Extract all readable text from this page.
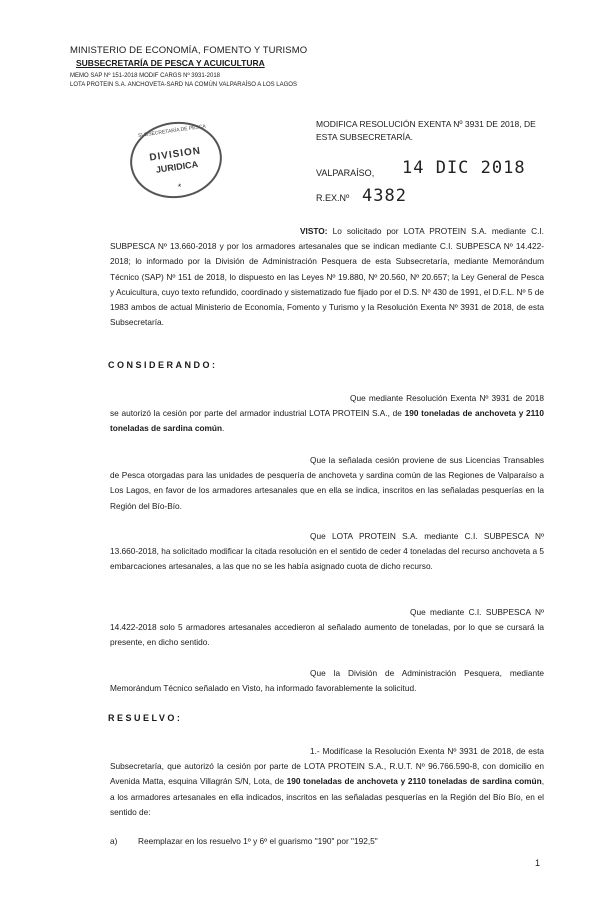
MINISTERIO DE ECONOMÍA, FOMENTO Y TURISMO
SUBSECRETARÍA DE PESCA Y ACUICULTURA
MEMO SAP Nº 151-2018 MODIF CARGS Nº 3931-2018
LOTA PROTEIN S.A. ANCHOVETA-SARD NA COMÚN VALPARAÍSO A LOS LAGOS
SUBSECRETARÍA DE PESCA
DIVISION
JURIDICA
*
MODIFICA RESOLUCIÓN EXENTA Nº 3931 DE 2018, DE ESTA SUBSECRETARÍA.
VALPARAÍSO, 14 DIC 2018
R.EX.Nº 4382
VISTO: Lo solicitado por LOTA PROTEIN S.A. mediante C.I. SUBPESCA Nº 13.660-2018 y por los armadores artesanales que se indican mediante C.I. SUBPESCA Nº 14.422-2018; lo informado por la División de Administración Pesquera de esta Subsecretaría, mediante Memorándum Técnico (SAP) Nº 151 de 2018, lo dispuesto en las Leyes Nº 19.880, Nº 20.560, Nº 20.657; la Ley General de Pesca y Acuicultura, cuyo texto refundido, coordinado y sistematizado fue fijado por el D.S. Nº 430 de 1991, el D.F.L. Nº 5 de 1983 ambos de actual Ministerio de Economía, Fomento y Turismo y la Resolución Exenta Nº 3931 de 2018, de esta Subsecretaría.
CONSIDERANDO:
Que mediante Resolución Exenta Nº 3931 de 2018 se autorizó la cesión por parte del armador industrial LOTA PROTEIN S.A., de 190 toneladas de anchoveta y 2110 toneladas de sardina común.
Que la señalada cesión proviene de sus Licencias Transables de Pesca otorgadas para las unidades de pesquería de anchoveta y sardina común de las Regiones de Valparaíso a Los Lagos, en favor de los armadores artesanales que en ella se indica, inscritos en las señaladas pesquerías en la Región del Bío-Bío.
Que LOTA PROTEIN S.A. mediante C.I. SUBPESCA Nº 13.660-2018, ha solicitado modificar la citada resolución en el sentido de ceder 4 toneladas del recurso anchoveta a 5 embarcaciones artesanales, a las que no se les había asignado cuota de dicho recurso.
Que mediante C.I. SUBPESCA Nº 14.422-2018 solo 5 armadores artesanales accedieron al señalado aumento de toneladas, por lo que se cursará la presente, en dicho sentido.
Que la División de Administración Pesquera, mediante Memorándum Técnico señalado en Visto, ha informado favorablemente la solicitud.
RESUELVO:
1.- Modifícase la Resolución Exenta Nº 3931 de 2018, de esta Subsecretaría, que autorizó la cesión por parte de LOTA PROTEIN S.A., R.U.T. Nº 96.766.590-8, con domicilio en Avenida Matta, esquina Villagrán S/N, Lota, de 190 toneladas de anchoveta y 2110 toneladas de sardina común, a los armadores artesanales en ella indicados, inscritos en las señaladas pesquerías en la Región del Bío Bío, en el sentido de:
a) Reemplazar en los resuelvo 1º y 6º el guarismo "190" por "192,5"
1
